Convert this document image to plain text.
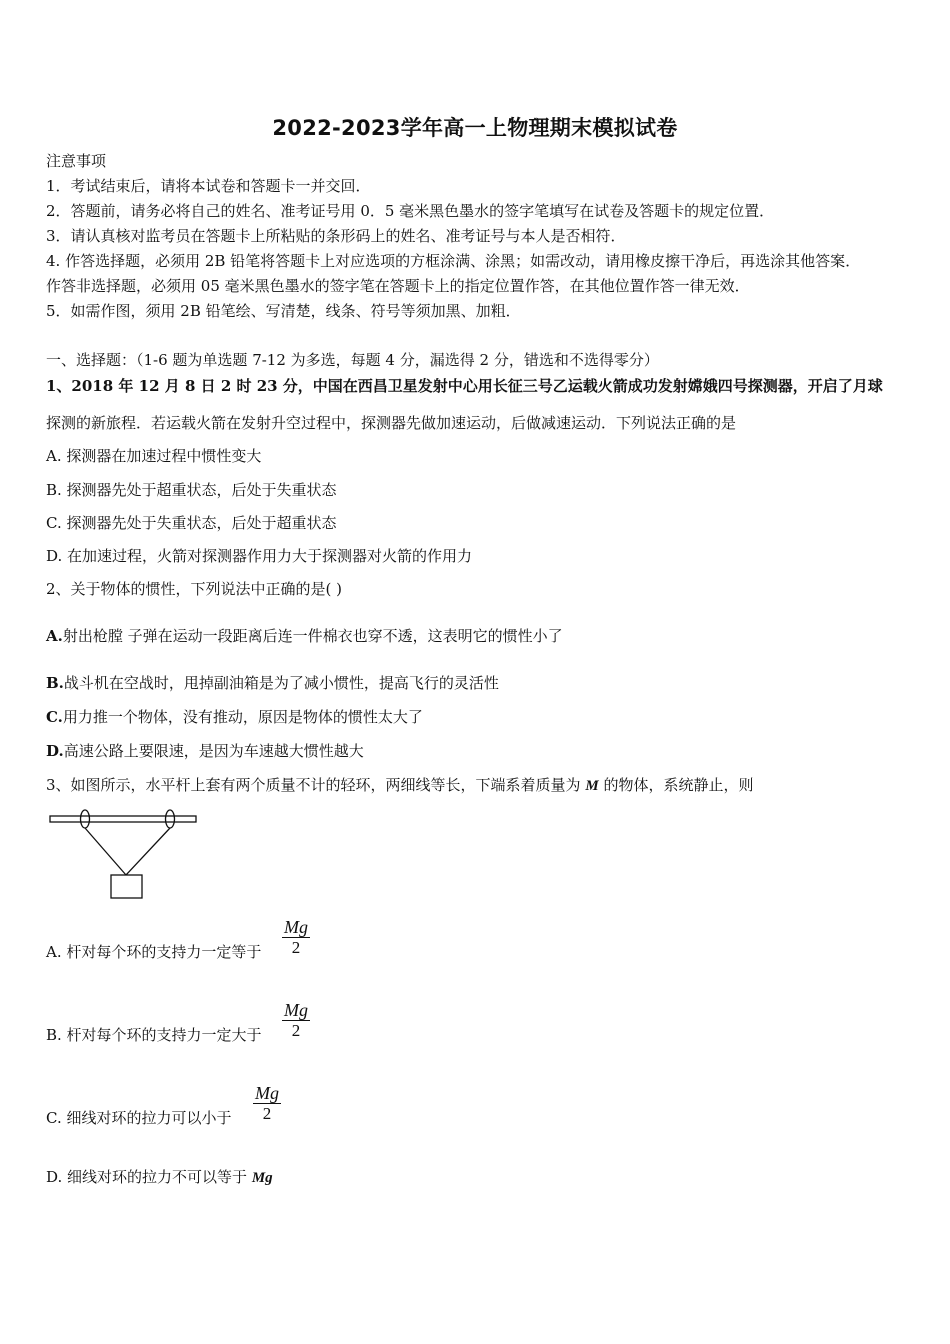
2022-2023学年高一上物理期末模拟试卷
注意事项
1．考试结束后，请将本试卷和答题卡一并交回．
2．答题前，请务必将自己的姓名、准考证号用 0．5 毫米黑色墨水的签字笔填写在试卷及答题卡的规定位置．
3．请认真核对监考员在答题卡上所粘贴的条形码上的姓名、准考证号与本人是否相符．
4. 作答选择题，必须用 2B 铅笔将答题卡上对应选项的方框涂满、涂黑；如需改动，请用橡皮擦干净后，再选涂其他答案．
作答非选择题，必须用 05 毫米黑色墨水的签字笔在答题卡上的指定位置作答，在其他位置作答一律无效．
5．如需作图，须用 2B 铅笔绘、写清楚，线条、符号等须加黑、加粗．
一、选择题：（1-6 题为单选题 7-12 为多选，每题 4 分，漏选得 2 分，错选和不选得零分）
1、2018 年 12 月 8 日 2 时 23 分，中国在西昌卫星发射中心用长征三号乙运载火箭成功发射嫦娥四号探测器，开启了月球
探测的新旅程．若运载火箭在发射升空过程中，探测器先做加速运动，后做减速运动．下列说法正确的是
A. 探测器在加速过程中惯性变大
B. 探测器先处于超重状态，后处于失重状态
C. 探测器先处于失重状态，后处于超重状态
D. 在加速过程，火箭对探测器作用力大于探测器对火箭的作用力
2、关于物体的惯性，下列说法中正确的是( )
A.射出枪膛 子弹在运动一段距离后连一件棉衣也穿不透，这表明它的惯性小了
B.战斗机在空战时，甩掉副油箱是为了减小惯性，提高飞行的灵活性
C.用力推一个物体，没有推动，原因是物体的惯性太大了
D.高速公路上要限速，是因为车速越大惯性越大
3、如图所示，水平杆上套有两个质量不计的轻环，两细线等长，下端系着质量为 M 的物体，系统静止，则
A. 杆对每个环的支持力一定等于 $\frac{Mg}{2}$
B. 杆对每个环的支持力一定大于 $\frac{Mg}{2}$
C. 细线对环的拉力可以小于 $\frac{Mg}{2}$
D. 细线对环的拉力不可以等于 Mg
